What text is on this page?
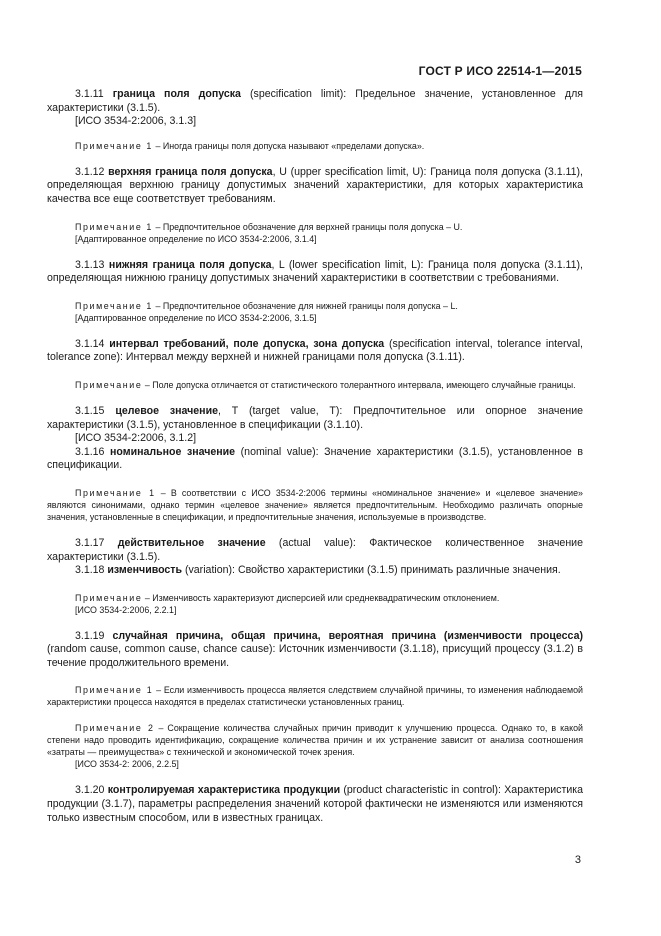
ГОСТ Р ИСО 22514-1—2015

3.1.11 граница поля допуска (specification limit): Предельное значение, установленное для характеристики (3.1.5).

[ИСО 3534-2:2006, 3.1.3]

Примечание 1 – Иногда границы поля допуска называют «пределами допуска».

3.1.12 верхняя граница поля допуска, U (upper specification limit, U): Граница поля допуска (3.1.11), определяющая верхнюю границу допустимых значений характеристики, для которых характеристика качества все еще соответствует требованиям.

Примечание 1 – Предпочтительное обозначение для верхней границы поля допуска – U.

[Адаптированное определение по ИСО 3534-2:2006, 3.1.4]

3.1.13 нижняя граница поля допуска, L (lower specification limit, L): Граница поля допуска (3.1.11), определяющая нижнюю границу допустимых значений характеристики в соответствии с требованиями.

Примечание 1 – Предпочтительное обозначение для нижней границы поля допуска – L.

[Адаптированное определение по ИСО 3534-2:2006, 3.1.5]

3.1.14 интервал требований, поле допуска, зона допуска (specification interval, tolerance interval, tolerance zone): Интервал между верхней и нижней границами поля допуска (3.1.11).

Примечание – Поле допуска отличается от статистического толерантного интервала, имеющего случайные границы.

3.1.15 целевое значение, T (target value, T): Предпочтительное или опорное значение характеристики (3.1.5), установленное в спецификации (3.1.10).

[ИСО 3534-2:2006, 3.1.2]

3.1.16 номинальное значение (nominal value): Значение характеристики (3.1.5), установленное в спецификации.

Примечание 1 – В соответствии с ИСО 3534-2:2006 термины «номинальное значение» и «целевое значение» являются синонимами, однако термин «целевое значение» является предпочтительным. Необходимо различать опорные значения, установленные в спецификации, и предпочтительные значения, используемые в производстве.

3.1.17 действительное значение (actual value): Фактическое количественное значение характеристики (3.1.5).

3.1.18 изменчивость (variation): Свойство характеристики (3.1.5) принимать различные значения.

Примечание – Изменчивость характеризуют дисперсией или среднеквадратическим отклонением.

[ИСО 3534-2:2006, 2.2.1]

3.1.19 случайная причина, общая причина, вероятная причина (изменчивости процесса) (random cause, common cause, chance cause): Источник изменчивости (3.1.18), присущий процессу (3.1.2) в течение продолжительного времени.

Примечание 1 – Если изменчивость процесса является следствием случайной причины, то изменения наблюдаемой характеристики процесса находятся в пределах статистически установленных границ.

Примечание 2 – Сокращение количества случайных причин приводит к улучшению процесса. Однако то, в какой степени надо проводить идентификацию, сокращение количества причин и их устранение зависит от анализа соотношения «затраты — преимущества» с технической и экономической точек зрения.

[ИСО 3534-2: 2006, 2.2.5]

3.1.20 контролируемая характеристика продукции (product characteristic in control): Характеристика продукции (3.1.7), параметры распределения значений которой фактически не изменяются или изменяются только известным способом, или в известных границах.

3
